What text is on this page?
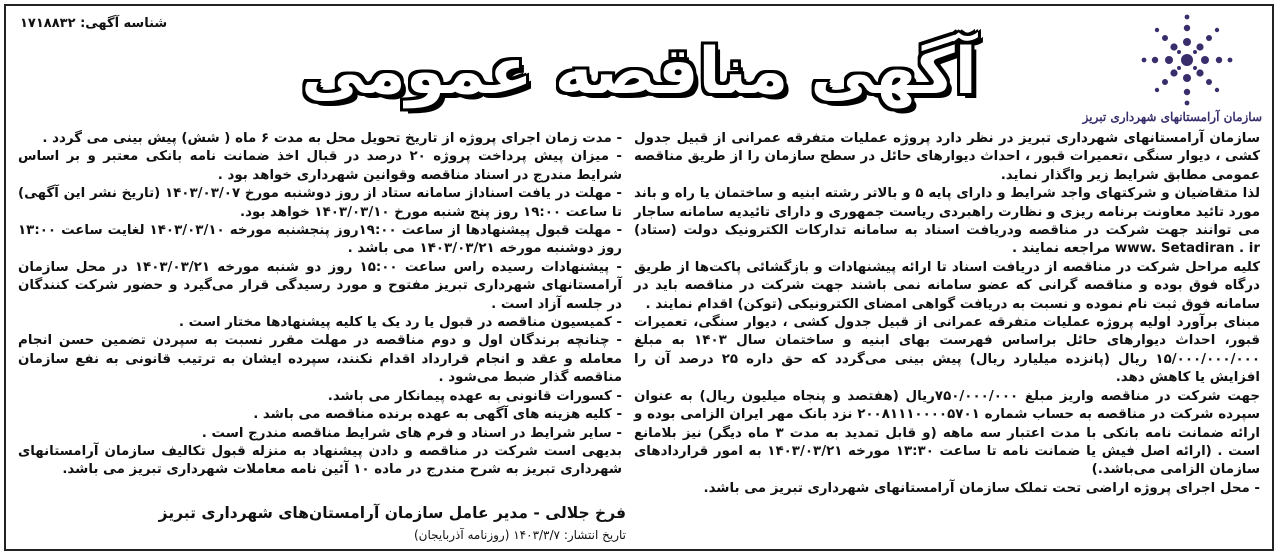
سازمان آرامستانهای شهرداری تبریز
شناسه آگهی: ۱۷۱۸۸۳۲
آگهی مناقصه عمومی

سازمان آرامستانهای شهرداری تبریز در نظر دارد پروژه عملیات متفرقه عمرانی از قبیل جدول کشی ، دیوار سنگی ،تعمیرات قبور ، احداث دیوارهای حائل در سطح سازمان را از طریق مناقصه عمومی مطابق شرایط زیر واگذار نماید.

لذا متقاضیان و شرکتهای واجد شرایط و دارای پایه ۵ و بالاتر رشته ابنیه و ساختمان یا راه و باند مورد تائید معاونت برنامه ریزی و نظارت راهبردی ریاست جمهوری و دارای تائیدیه سامانه ساجار می توانند جهت شرکت در مناقصه ودریافت اسناد به سامانه تدارکات الکترونیک دولت (ستاد) www. Setadiran . ir مراجعه نمایند .

کلیه مراحل شرکت در مناقصه از دریافت اسناد تا ارائه پیشنهادات و بازگشائی پاکت‌ها از طریق درگاه فوق بوده و مناقصه گرانی که عضو سامانه نمی باشند جهت شرکت در مناقصه باید در سامانه فوق ثبت نام نموده و نسبت به دریافت گواهی امضای الکترونیکی (توکن) اقدام نمایند .

مبنای برآورد اولیه پروژه عملیات متفرقه عمرانی از قبیل جدول کشی ، دیوار سنگی، تعمیرات قبور، احداث دیوارهای حائل براساس فهرست بهای ابنیه و ساختمان سال ۱۴۰۳ به مبلغ ۱۵/۰۰۰/۰۰۰/۰۰۰ ریال (پانزده میلیارد ریال) پیش بینی می‌گردد که حق داره ۲۵ درصد آن را افزایش یا کاهش دهد.

جهت شرکت در مناقصه واریز مبلغ ۷۵۰/۰۰۰/۰۰۰ریال (هفتصد و پنجاه میلیون ریال) به عنوان سپرده شرکت در مناقصه به حساب شماره ۲۰۰۸۱۱۱۰۰۰۰۵۷۰۱ نزد بانک مهر ایران الزامی بوده و ارائه ضمانت نامه بانکی با مدت اعتبار سه ماهه (و قابل تمدید به مدت ۳ ماه دیگر) نیز بلامانع است . (ارائه اصل فیش یا ضمانت نامه تا ساعت ۱۳:۳۰ مورخه ۱۴۰۳/۰۳/۲۱ به امور قراردادهای سازمان الزامی می‌باشد.)

- محل اجرای پروژه اراضی تحت تملک سازمان آرامستانهای شهرداری تبریز می باشد.

- مدت زمان اجرای پروژه از تاریخ تحویل محل به مدت ۶ ماه ( شش) پیش بینی می گردد .

- میزان پیش پرداخت پروژه ۲۰ درصد در قبال اخذ ضمانت نامه بانکی معتبر و بر اساس شرایط مندرج در اسناد مناقصه وقوانین شهرداری خواهد بود .

- مهلت در یافت اسناداز سامانه ستاد از روز دوشنبه مورخ ۱۴۰۳/۰۳/۰۷ (تاریخ نشر این آگهی) تا ساعت ۱۹:۰۰ روز پنج شنبه مورخ ۱۴۰۳/۰۳/۱۰ خواهد بود.

- مهلت قبول پیشنهادها از ساعت ۱۹:۰۰روز پنجشنبه مورخه ۱۴۰۳/۰۳/۱۰ لغایت ساعت ۱۳:۰۰ روز دوشنبه مورخه ۱۴۰۳/۰۳/۲۱ می باشد .

- پیشنهادات رسیده راس ساعت ۱۵:۰۰ روز دو شنبه مورخه ۱۴۰۳/۰۳/۲۱ در محل سازمان آرامستانهای شهرداری تبریز مفتوح و مورد رسیدگی قرار می‌گیرد و حضور شرکت کنندگان در جلسه آزاد است .

- کمیسیون مناقصه در قبول یا رد یک یا کلیه پیشنهادها مختار است .

- چنانچه برندگان اول و دوم مناقصه در مهلت مقرر نسبت به سپردن تضمین حسن انجام معامله و عقد و انجام قرارداد اقدام نکنند، سپرده ایشان به ترتیب قانونی به نفع سازمان مناقصه گذار ضبط می‌شود .

- کسورات قانونی به عهده پیمانکار می باشد.

- کلیه هزینه های آگهی به عهده برنده مناقصه می باشد .

- سایر شرایط در اسناد و فرم های شرایط مناقصه مندرج است .

بدیهی است شرکت در مناقصه و دادن پیشنهاد به منزله قبول تکالیف سازمان آرامستانهای شهرداری تبریز به شرح مندرج در ماده ۱۰ آئین نامه معاملات شهرداری تبریز می باشد.

فرخ جلالی - مدیر عامل سازمان آرامستان‌های شهرداری تبریز
تاریخ انتشار: ۱۴۰۳/۳/۷ (روزنامه آذربایجان)
